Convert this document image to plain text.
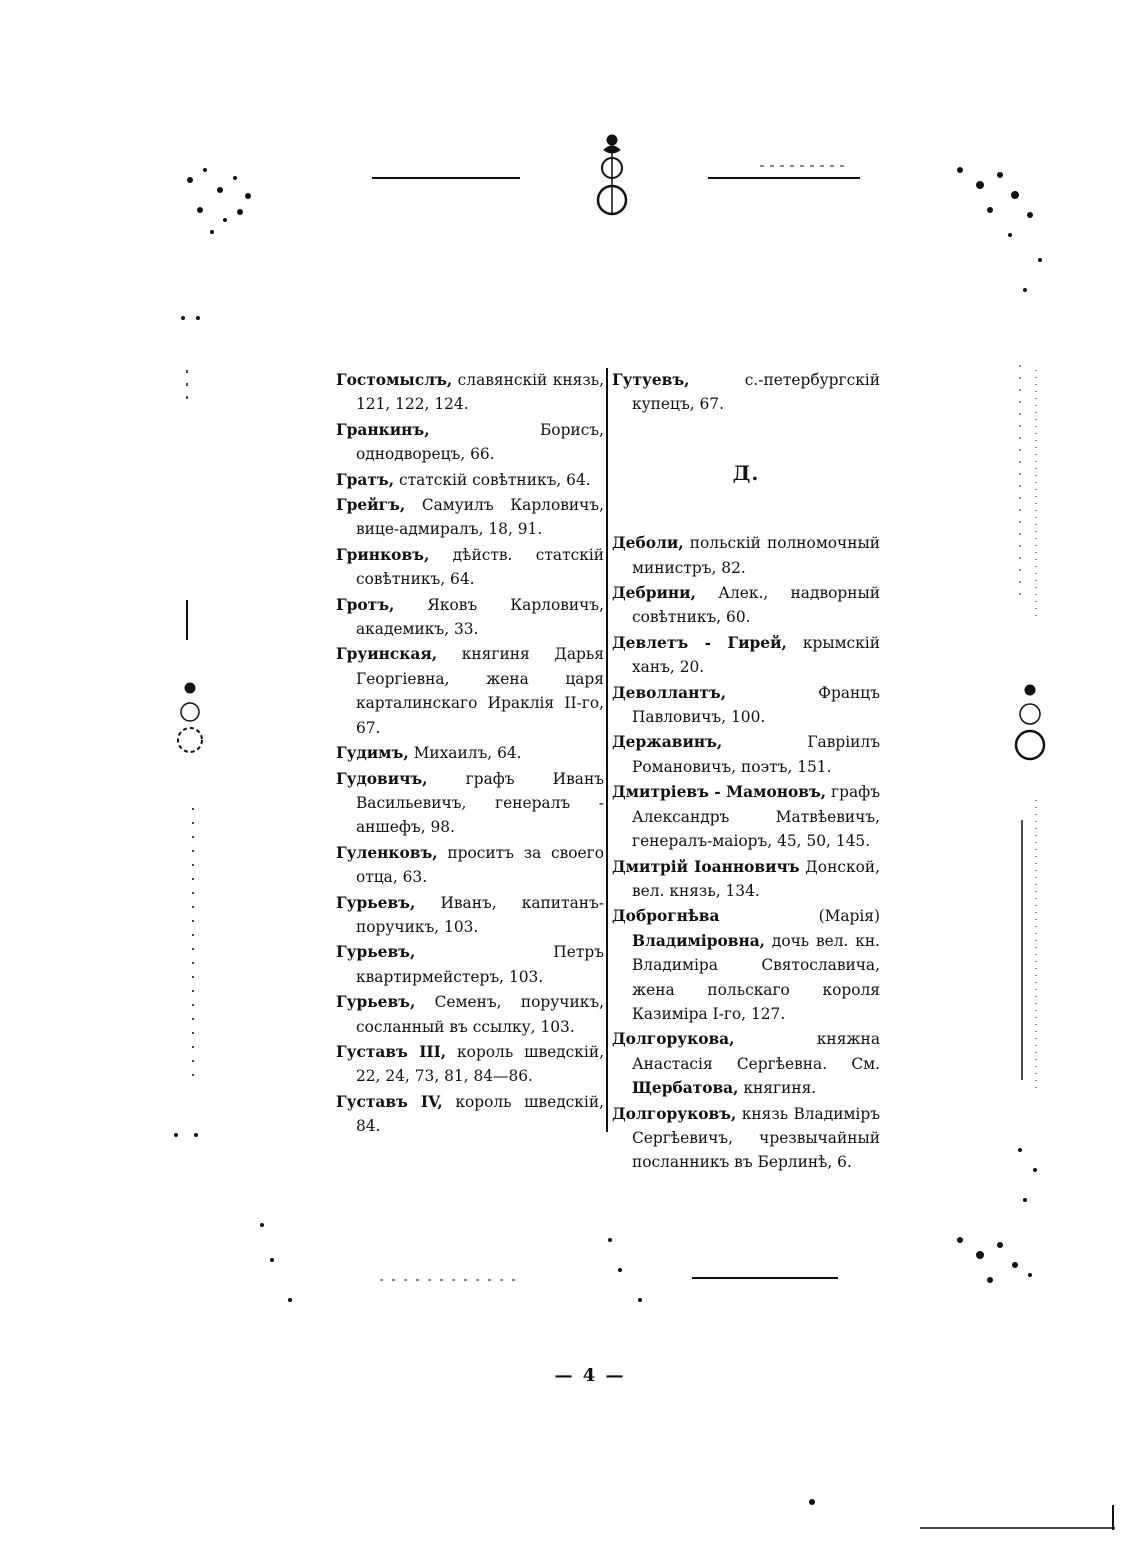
Гостомыслъ, славянскій князь, 121, 122, 124.

Гранкинъ, Борисъ, однодворецъ, 66.

Гратъ, статскій совѣтникъ, 64.

Грейгъ, Самуилъ Карловичъ, вице-адмиралъ, 18, 91.

Гринковъ, дѣйств. статскій совѣтникъ, 64.

Гротъ, Яковъ Карловичъ, академикъ, 33.

Груинская, княгиня Дарья Георгіевна, жена царя карталинскаго Ираклія II-го, 67.

Гудимъ, Михаилъ, 64.

Гудовичъ, графъ Иванъ Васильевичъ, генералъ - аншефъ, 98.

Гуленковъ, проситъ за своего отца, 63.

Гурьевъ, Иванъ, капитанъ-поручикъ, 103.

Гурьевъ, Петръ квартирмейстеръ, 103.

Гурьевъ, Семенъ, поручикъ, сосланный въ ссылку, 103.

Густавъ III, король шведскій, 22, 24, 73, 81, 84—86.

Густавъ IV, король шведскій, 84.

Гутуевъ, с.-петербургскій купецъ, 67.

Д.

Деболи, польскій полномочный министръ, 82.

Дебрини, Алек., надворный совѣтникъ, 60.

Девлетъ - Гирей, крымскій ханъ, 20.

Деволлантъ, Францъ Павловичъ, 100.

Державинъ, Гавріилъ Романовичъ, поэтъ, 151.

Дмитріевъ - Мамоновъ, графъ Александръ Матвѣевичъ, генералъ-маіоръ, 45, 50, 145.

Дмитрій Іоанновичъ Донской, вел. князь, 134.

Доброгнѣва (Марія) Владиміровна, дочь вел. кн. Владиміра Святославича, жена польскаго короля Казиміра I-го, 127.

Долгорукова, княжна Анастасія Сергѣевна. См. Щербатова, княгиня.

Долгоруковъ, князь Владиміръ Сергѣевичъ, чрезвычайный посланникъ въ Берлинѣ, 6.

— 4 —
